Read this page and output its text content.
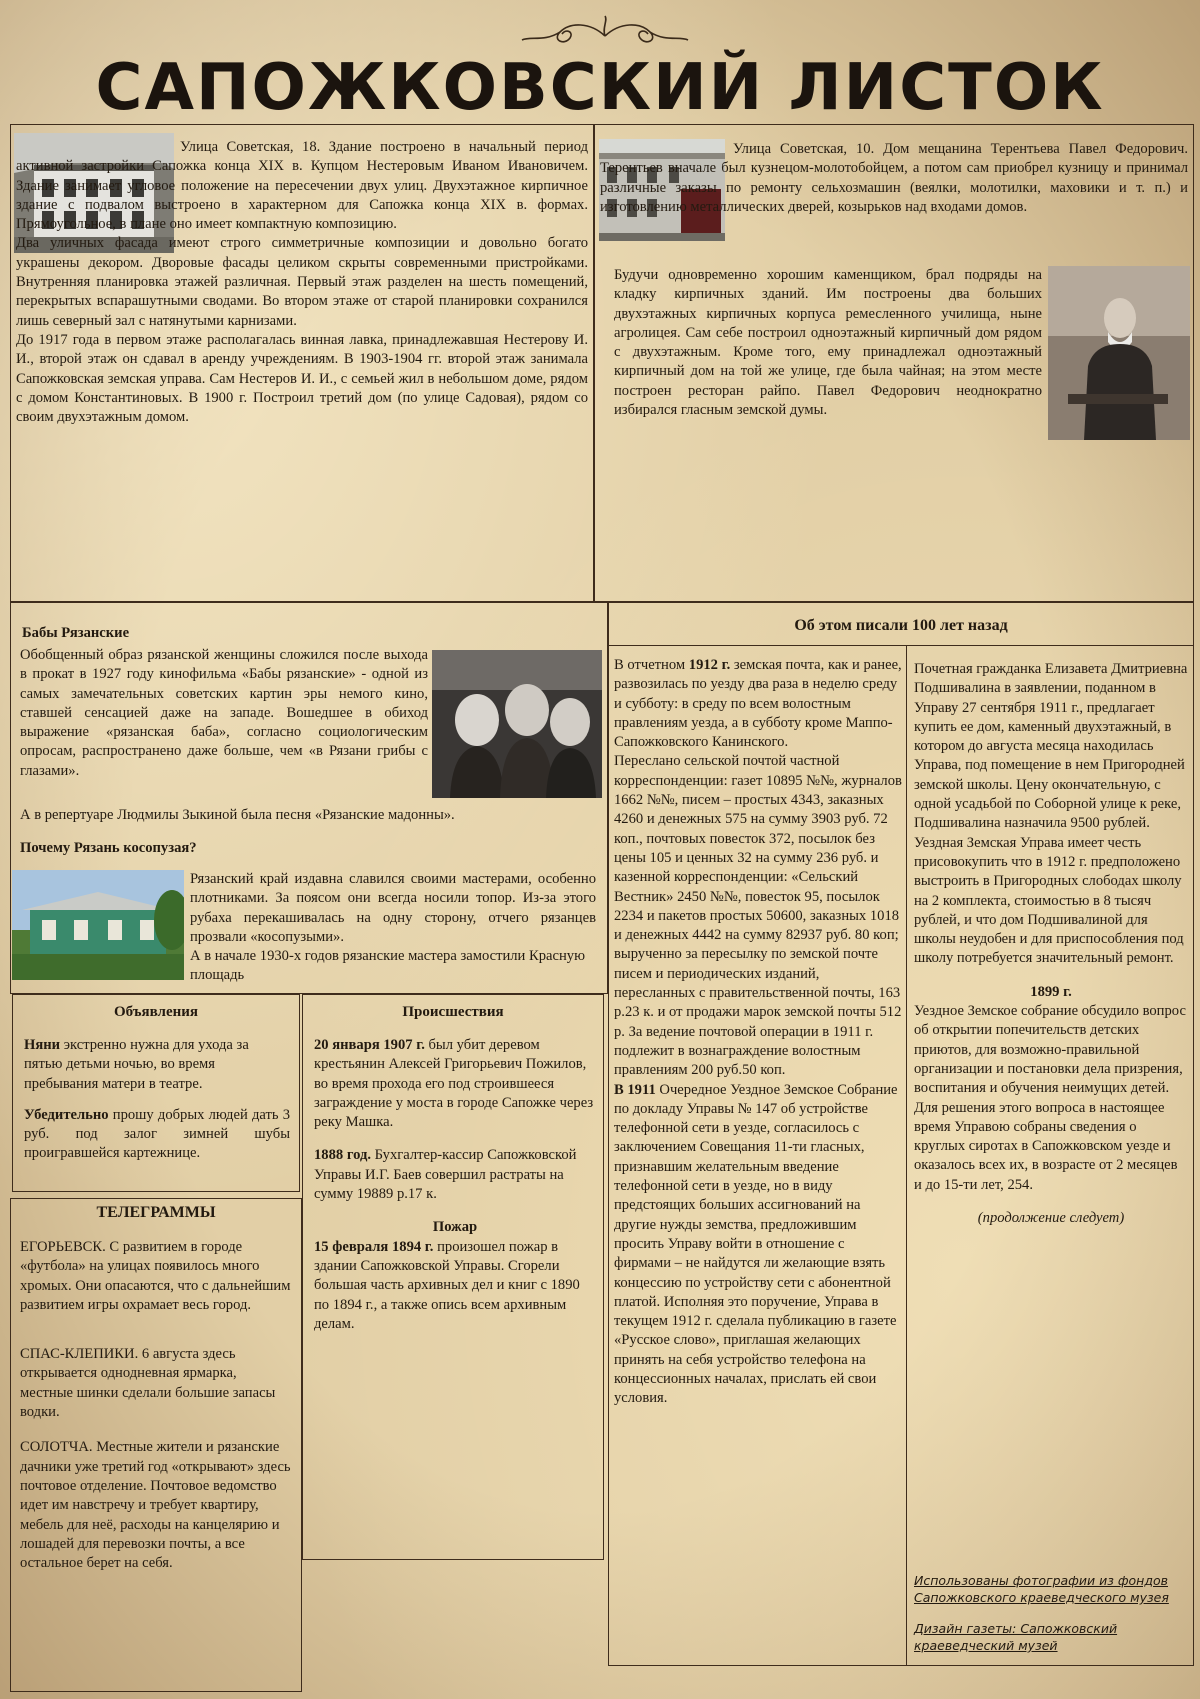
САПОЖКОВСКИЙ ЛИСТОК

Улица Советская, 18. Здание построено в начальный период активной застройки Сапожка конца XIX в. Купцом Нестеровым Иваном Ивановичем. Здание занимает угловое положение на пересечении двух улиц. Двухэтажное кирпичное здание с подвалом выстроено в характерном для Сапожка конца XIX в. формах. Прямоугольное, в плане оно имеет компактную композицию.

Два уличных фасада имеют строго симметричные композиции и довольно богато украшены декором. Дворовые фасады целиком скрыты современными пристройками. Внутренняя планировка этажей различная. Первый этаж разделен на шесть помещений, перекрытых вспарашутными сводами. Во втором этаже от старой планировки сохранился лишь северный зал с натянутыми карнизами.

До 1917 года в первом этаже располагалась винная лавка, принадлежавшая Нестерову И. И., второй этаж он сдавал в аренду учреждениям. В 1903-1904 гг. второй этаж занимала Сапожковская земская управа. Сам Нестеров И. И., с семьей жил в небольшом доме, рядом с домом Константиновых. В 1900 г. Построил третий дом (по улице Садовая), рядом со своим двухэтажным домом.

Улица Советская, 10. Дом мещанина Терентьева Павел Федорович. Терентьев вначале был кузнецом-молотобойцем, а потом сам приобрел кузницу и принимал различные заказы по ремонту сельхозмашин (веялки, молотилки, маховики и т. п.) и изготовлению металлических дверей, козырьков над входами домов.

Будучи одновременно хорошим каменщиком, брал подряды на кладку кирпичных зданий. Им построены два больших двухэтажных кирпичных корпуса ремесленного училища, ныне агролицея. Сам себе построил одноэтажный кирпичный дом рядом с двухэтажным. Кроме того, ему принадлежал одноэтажный кирпичный дом на той же улице, где была чайная; на этом месте построен ресторан райпо. Павел Федорович неоднократно избирался гласным земской думы.

Бабы Рязанские

Обобщенный образ рязанской женщины сложился после выхода в прокат в 1927 году кинофильма «Бабы рязанские» - одной из самых замечательных советских картин эры немого кино, ставшей сенсацией даже на западе. Вошедшее в обиход выражение «рязанская баба», согласно социологическим опросам, распространено даже больше, чем «в Рязани грибы с глазами».

А в репертуаре Людмилы Зыкиной была песня «Рязанские мадонны».
Почему Рязань косопузая?

Рязанский край издавна славился своими мастерами, особенно плотниками. За поясом они всегда носили топор. Из-за этого рубаха перекашивалась на одну сторону, отчего рязанцев прозвали «косопузыми».

А в начале 1930-х годов рязанские мастера замостили Красную площадь

Объявления

Няни экстренно нужна для ухода за пятью детьми ночью, во время пребывания матери в театре.

Убедительно прошу добрых людей дать 3 руб. под залог зимней шубы проигравшейся картежнице.

Происшествия

20 января 1907 г. был убит деревом крестьянин Алексей Григорьевич Пожилов, во время прохода его под строившееся заграждение у моста в городе Сапожке через реку Машка.

1888 год. Бухгалтер-кассир Сапожковской Управы И.Г. Баев совершил растраты на сумму 19889 р.17 к.

Пожар

15 февраля 1894 г. произошел пожар в здании Сапожковской Управы. Сгорели большая часть архивных дел и книг с 1890 по 1894 г., а также опись всем архивным делам.

ТЕЛЕГРАММЫ

ЕГОРЬЕВСК. С развитием в городе «футбола» на улицах появилось много хромых. Они опасаются, что с дальнейшим развитием игры охрамает весь город.

СПАС-КЛЕПИКИ. 6 августа здесь открывается однодневная ярмарка, местные шинки сделали большие запасы водки.

СОЛОТЧА. Местные жители и рязанские дачники уже третий год «открывают» здесь почтовое отделение. Почтовое ведомство идет им навстречу и требует квартиру, мебель для неё, расходы на канцелярию и лошадей для перевозки почты, а все остальное берет на себя.

Об этом писали 100 лет назад

В отчетном 1912 г. земская почта, как и ранее, развозилась по уезду два раза в неделю среду и субботу: в среду по всем волостным правлениям уезда, а в субботу кроме Маппо-Сапожковского Канинского.

Переслано сельской почтой частной корреспонденции: газет 10895 №№, журналов 1662 №№, писем – простых 4343, заказных 4260 и денежных 575 на сумму 3903 руб. 72 коп., почтовых повесток 372, посылок без цены 105 и ценных 32 на сумму 236 руб. и казенной корреспонденции: «Сельский Вестник» 2450 №№, повесток 95, посылок 2234 и пакетов простых 50600, заказных 1018 и денежных 4442 на сумму 82937 руб. 80 коп; вырученно за пересылку по земской почте писем и периодических изданий, пересланных с правительственной почты, 163 р.23 к. и от продажи марок земской почты 512 р. За ведение почтовой операции в 1911 г. подлежит в вознаграждение волостным правлениям 200 руб.50 коп.

В 1911 Очередное Уездное Земское Собрание по докладу Управы № 147 об устройстве телефонной сети в уезде, согласилось с заключением Совещания 11-ти гласных, признавшим желательным введение телефонной сети в уезде, но в виду предстоящих больших ассигнований на другие нужды земства, предложившим просить Управу войти в отношение с фирмами – не найдутся ли желающие взять концессию по устройству сети с абонентной платой. Исполняя это поручение, Управа в текущем 1912 г. сделала публикацию в газете «Русское слово», приглашая желающих принять на себя устройство телефона на концессионных началах, прислать ей свои условия.

Почетная гражданка Елизавета Дмитриевна Подшивалина в заявлении, поданном в Управу 27 сентября 1911 г., предлагает купить ее дом, каменный двухэтажный, в котором до августа месяца находилась Управа, под помещение в нем Пригородней земской школы. Цену окончательную, с одной усадьбой по Соборной улице к реке, Подшивалина назначила 9500 рублей. Уездная Земская Управа имеет честь присовокупить что в 1912 г. предположено выстроить в Пригородных слободах школу на 2 комплекта, стоимостью в 8 тысяч рублей, и что дом Подшивалиной для школы неудобен и для приспособления под школу потребуется значительный ремонт.

1899 г.

Уездное Земское собрание обсудило вопрос об открытии попечительств детских приютов, для возможно-правильной организации и постановки дела призрения, воспитания и обучения неимущих детей. Для решения этого вопроса в настоящее время Управою собраны сведения о круглых сиротах в Сапожковском уезде и оказалось всех их, в возрасте от 2 месяцев и до 15-ти лет, 254.

(продолжение следует)

Использованы фотографии из фондов Сапожковского краеведческого музея
Дизайн газеты: Сапожковский краеведческий музей
